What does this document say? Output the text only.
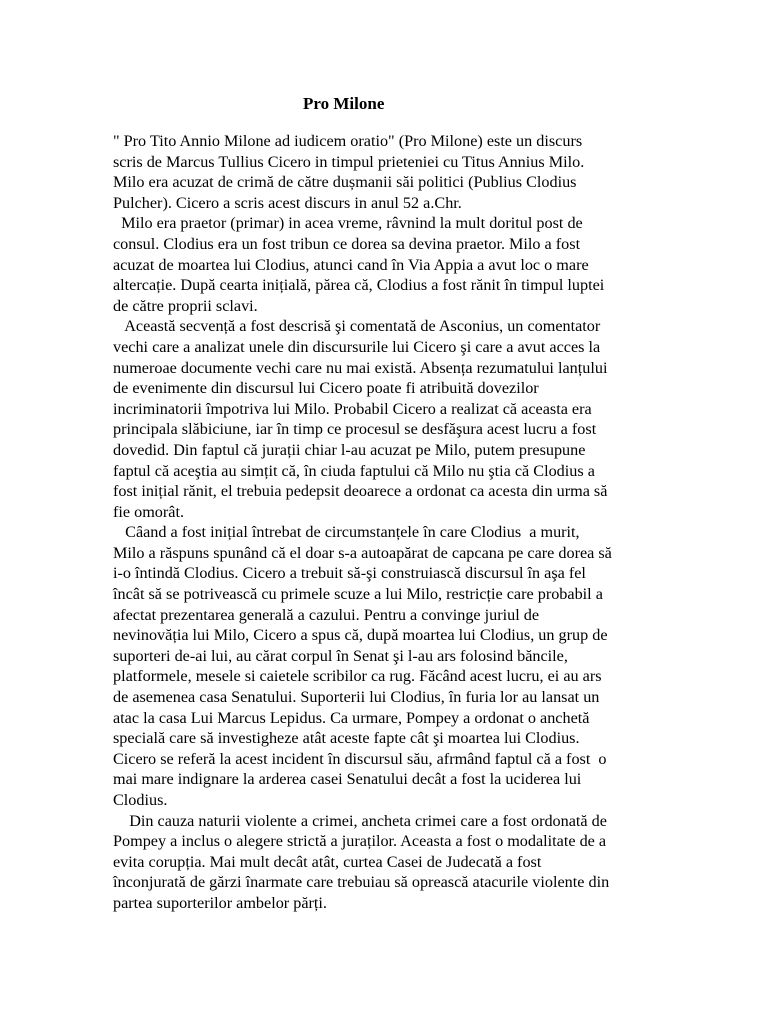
Pro Milone
" Pro Tito Annio Milone ad iudicem oratio" (Pro Milone) este un discurs
scris de Marcus Tullius Cicero in timpul prieteniei cu Titus Annius Milo.
Milo era acuzat de crimă de către dușmanii săi politici (Publius Clodius
Pulcher). Cicero a scris acest discurs in anul 52 a.Chr.
Milo era praetor (primar) in acea vreme, râvnind la mult doritul post de
consul. Clodius era un fost tribun ce dorea sa devina praetor. Milo a fost
acuzat de moartea lui Clodius, atunci cand în Via Appia a avut loc o mare
altercație. După cearta inițială, părea că, Clodius a fost rănit în timpul luptei
de către proprii sclavi.
Această secvență a fost descrisă şi comentată de Asconius, un comentator
vechi care a analizat unele din discursurile lui Cicero şi care a avut acces la
numeroae documente vechi care nu mai există. Absența rezumatului lanțului
de evenimente din discursul lui Cicero poate fi atribuită dovezilor
incriminatorii împotriva lui Milo. Probabil Cicero a realizat că aceasta era
principala slăbiciune, iar în timp ce procesul se desfăşura acest lucru a fost
dovedid. Din faptul că jurații chiar l-au acuzat pe Milo, putem presupune
faptul că aceştia au simțit că, în ciuda faptului că Milo nu ştia că Clodius a
fost inițial rănit, el trebuia pedepsit deoarece a ordonat ca acesta din urma să
fie omorât.
Cȃand a fost inițial întrebat de circumstanțele în care Clodius  a murit,
Milo a răspuns spunând că el doar s-a autoapărat de capcana pe care dorea să
i-o întindă Clodius. Cicero a trebuit să-şi construiască discursul în aşa fel
încât să se potrivească cu primele scuze a lui Milo, restricție care probabil a
afectat prezentarea generală a cazului. Pentru a convinge juriul de
nevinovăția lui Milo, Cicero a spus că, după moartea lui Clodius, un grup de
suporteri de-ai lui, au cărat corpul în Senat şi l-au ars folosind băncile,
platformele, mesele si caietele scribilor ca rug. Făcând acest lucru, ei au ars
de asemenea casa Senatului. Suporterii lui Clodius, în furia lor au lansat un
atac la casa Lui Marcus Lepidus. Ca urmare, Pompey a ordonat o anchetă
specială care să investigheze atât aceste fapte cât şi moartea lui Clodius.
Cicero se referă la acest incident în discursul său, afrmând faptul că a fost  o
mai mare indignare la arderea casei Senatului decât a fost la uciderea lui
Clodius.
Din cauza naturii violente a crimei, ancheta crimei care a fost ordonată de
Pompey a inclus o alegere strictă a juraților. Aceasta a fost o modalitate de a
evita corupția. Mai mult decât atât, curtea Casei de Judecată a fost
înconjurată de gărzi înarmate care trebuiau să oprească atacurile violente din
partea suporterilor ambelor părți.
